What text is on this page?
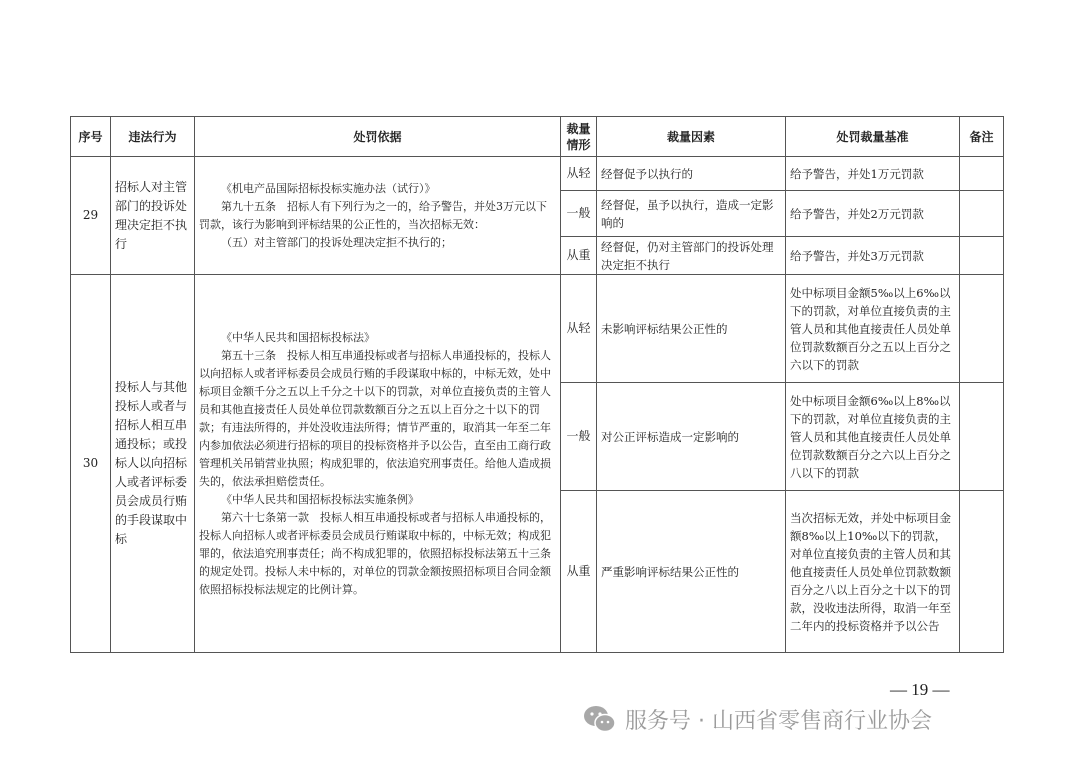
序号	违法行为	处罚依据	裁量情形	裁量因素	处罚裁量基准	备注
29	招标人对主管部门的投诉处理决定拒不执行	《机电产品国际招标投标实施办法（试行）》

第九十五条　招标人有下列行为之一的，给予警告，并处3万元以下罚款，该行为影响到评标结果的公正性的，当次招标无效：

（五）对主管部门的投诉处理决定拒不执行的；	从轻	经督促予以执行的	给予警告，并处1万元罚款	
			一般	经督促，虽予以执行，造成一定影响的	给予警告，并处2万元罚款	
			从重	经督促，仍对主管部门的投诉处理决定拒不执行	给予警告，并处3万元罚款	
30	投标人与其他投标人或者与招标人相互串通投标；或投标人以向招标人或者评标委员会成员行贿的手段谋取中标	《中华人民共和国招标投标法》

第五十三条　投标人相互串通投标或者与招标人串通投标的，投标人以向招标人或者评标委员会成员行贿的手段谋取中标的，中标无效，处中标项目金额千分之五以上千分之十以下的罚款，对单位直接负责的主管人员和其他直接责任人员处单位罚款数额百分之五以上百分之十以下的罚款；有违法所得的，并处没收违法所得；情节严重的，取消其一年至二年内参加依法必须进行招标的项目的投标资格并予以公告，直至由工商行政管理机关吊销营业执照；构成犯罪的，依法追究刑事责任。给他人造成损失的，依法承担赔偿责任。

《中华人民共和国招标投标法实施条例》

第六十七条第一款　投标人相互串通投标或者与招标人串通投标的，投标人向招标人或者评标委员会成员行贿谋取中标的，中标无效；构成犯罪的，依法追究刑事责任；尚不构成犯罪的，依照招标投标法第五十三条的规定处罚。投标人未中标的，对单位的罚款金额按照招标项目合同金额依照招标投标法规定的比例计算。	从轻	未影响评标结果公正性的	处中标项目金额5‰以上6‰以下的罚款，对单位直接负责的主管人员和其他直接责任人员处单位罚款数额百分之五以上百分之六以下的罚款	
			一般	对公正评标造成一定影响的	处中标项目金额6‰以上8‰以下的罚款，对单位直接负责的主管人员和其他直接责任人员处单位罚款数额百分之六以上百分之八以下的罚款	
			从重	严重影响评标结果公正性的	当次招标无效，并处中标项目金额8‰以上10‰以下的罚款，对单位直接负责的主管人员和其他直接责任人员处单位罚款数额百分之八以上百分之十以下的罚款，没收违法所得，取消一年至二年内的投标资格并予以公告	
— 19 —
服务号 · 山西省零售商行业协会
